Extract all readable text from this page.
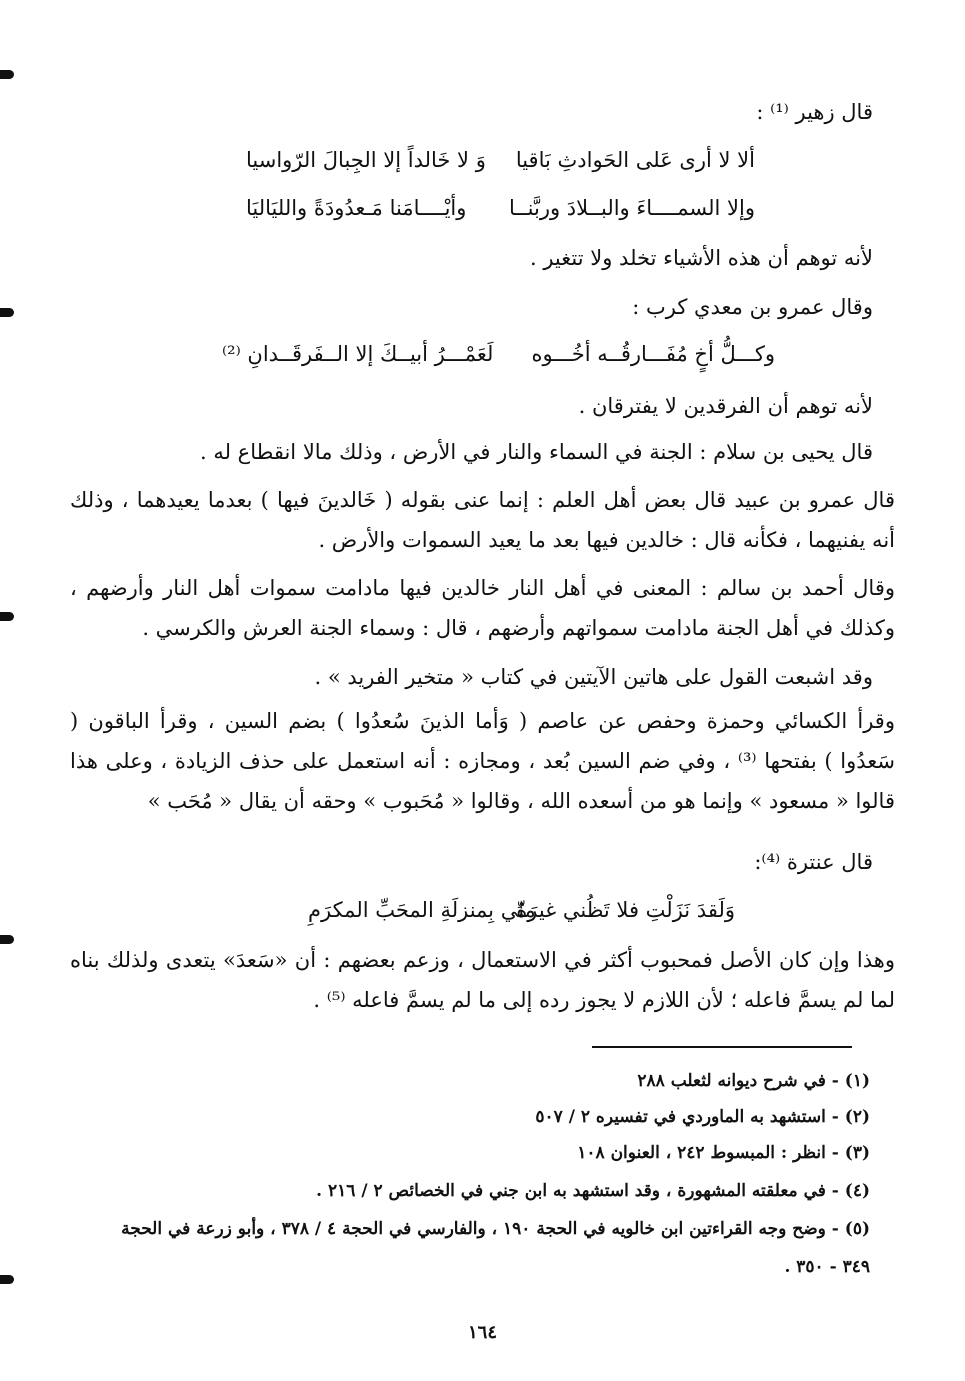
قال زهير ⁽¹⁾ :
ألا لا أرى عَلى الحَوادثِ بَاقيا
وَ لا خَالداً إلا الجِبالَ الرّواسيا
وإلا السمــــاءَ والبــلادَ وربَّنــا
وأيْــــامَنا مَـعدُودَةً والليَاليَا
لأنه توهم أن هذه الأشياء تخلد ولا تتغير .
وقال عمرو بن معدي كرب :
وكـــلُّ أخٍ مُفَـــارقُــه أخُـــوه
لَعَمْـــرُ أبيــكَ إلا الــفَرقَــدانِ ⁽²⁾
لأنه توهم أن الفرقدين لا يفترقان .
قال يحيى بن سلام : الجنة في السماء والنار في الأرض ، وذلك مالا انقطاع له .
قال عمرو بن عبيد قال بعض أهل العلم : إنما عنى بقوله ( خَالدينَ فيها ) بعدما يعيدهما ، وذلك أنه يفنيهما ، فكأنه قال : خالدين فيها بعد ما يعيد السموات والأرض .
وقال أحمد بن سالم : المعنى في أهل النار خالدين فيها مادامت سموات أهل النار وأرضهم ، وكذلك في أهل الجنة مادامت سمواتهم وأرضهم ، قال : وسماء الجنة العرش والكرسي .
وقد اشبعت القول على هاتين الآيتين في كتاب « متخير الفريد » .
وقرأ الكسائي وحمزة وحفص عن عاصم ( وَأما الذينَ سُعدُوا ) بضم السين ، وقرأ الباقون ( سَعدُوا ) بفتحها ⁽³⁾ ، وفي ضم السين بُعد ، ومجازه : أنه استعمل على حذف الزيادة ، وعلى هذا قالوا « مسعود » وإنما هو من أسعده الله ، وقالوا « مُحَبوب » وحقه أن يقال « مُحَب »
قال عنترة ⁽⁴⁾:
وَلَقدَ نَزَلْتِ فلا تَظُني غيرَهُ
مِنّي بِمنزلَةِ المحَبِّ المكرَمِ
وهذا وإن كان الأصل فمحبوب أكثر في الاستعمال ، وزعم بعضهم : أن «سَعدَ» يتعدى ولذلك بناه لما لم يسمَّ فاعله ؛ لأن اللازم لا يجوز رده إلى ما لم يسمَّ فاعله ⁽⁵⁾ .
(١) - في شرح ديوانه لثعلب ٢٨٨
(٢) - استشهد به الماوردي في تفسيره ٢ / ٥٠٧
(٣) - انظر : المبسوط ٢٤٢ ، العنوان ١٠٨
(٤) - في معلقته المشهورة ، وقد استشهد به ابن جني في الخصائص ٢ / ٢١٦ .
(٥) - وضح وجه القراءتين ابن خالويه في الحجة ١٩٠ ، والفارسي في الحجة ٤ / ٣٧٨ ، وأبو زرعة في الحجة ٣٤٩ - ٣٥٠ .
١٦٤
